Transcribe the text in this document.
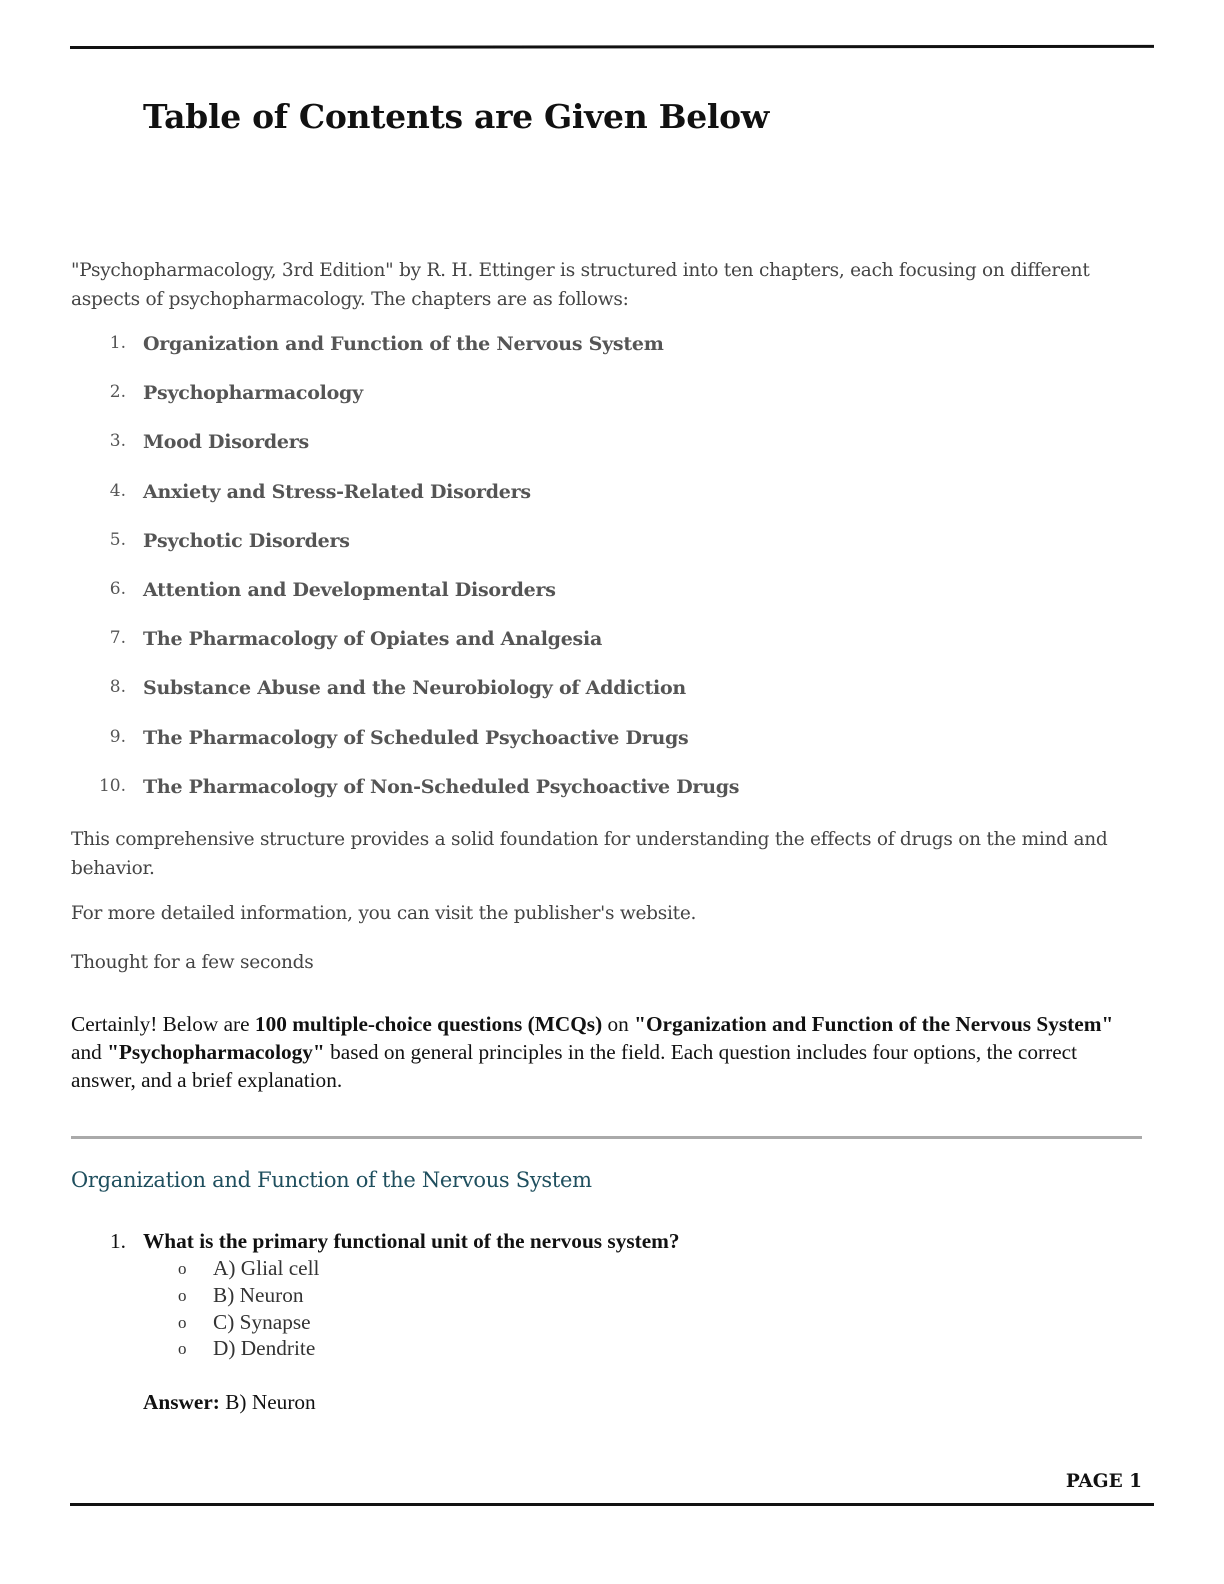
Table of Contents are Given Below

"Psychopharmacology, 3rd Edition" by R. H. Ettinger is structured into ten chapters, each focusing on different aspects of psychopharmacology. The chapters are as follows:

1. Organization and Function of the Nervous System
2. Psychopharmacology
3. Mood Disorders
4. Anxiety and Stress-Related Disorders
5. Psychotic Disorders
6. Attention and Developmental Disorders
7. The Pharmacology of Opiates and Analgesia
8. Substance Abuse and the Neurobiology of Addiction
9. The Pharmacology of Scheduled Psychoactive Drugs
10. The Pharmacology of Non-Scheduled Psychoactive Drugs

This comprehensive structure provides a solid foundation for understanding the effects of drugs on the mind and behavior.

For more detailed information, you can visit the publisher's website.

Thought for a few seconds

Certainly! Below are 100 multiple-choice questions (MCQs) on "Organization and Function of the Nervous System" and "Psychopharmacology" based on general principles in the field. Each question includes four options, the correct answer, and a brief explanation.

Organization and Function of the Nervous System
1. What is the primary functional unit of the nervous system?
o A) Glial cell
o B) Neuron
o C) Synapse
o D) Dendrite
Answer: B) Neuron
PAGE 1
